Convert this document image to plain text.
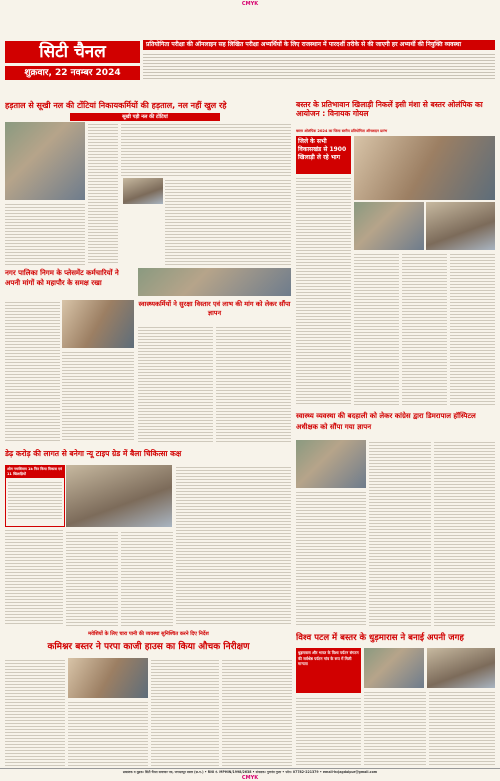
CMYK
सिटी चैनल
शुक्रवार, 22 नवम्बर 2024
प्रतियोगिता परीक्षा की ऑनलाइन सह लिखित परीक्षा अभ्यर्थियों के लिए राजस्थान में पारदर्शी तरीके से की जाएगी हर अभ्यर्थी की नियुक्ति व्यवस्था
हड़ताल से सूखी नल की टोंटियां निकायकर्मियों की हड़ताल, नल नहीं खुल रहे
सूखी पड़ी नल की टोंटियां
बस्तर के प्रतिभावान खिलाड़ी निकलें इसी मंशा से बस्तर ओलंपिक का आयोजन : विनायक गोयल
बस्तर ओलंपिक 2024 का जिला स्तरीय प्रतियोगिता ऑनलाइन प्रारंभ
जिले के सभी विकासखंड से 1900 खिलाड़ी ले रहे भाग
नगर पालिका निगम के प्लेसमेंट कर्मचारियों ने अपनी मांगों को महापौर के समक्ष रखा
स्वास्थ्यकर्मियों ने सुरक्षा विस्तार एवं लाभ की मांग को लेकर सौंपा ज्ञापन
डेढ़ करोड़ की लागत से बनेगा न्यू टाइप ग्रेड में बैला चिकित्सा कक्ष
ओम नमःशिवाय 1k फिर किया विकास एवं 11 खिलाड़ियों
स्वास्थ्य व्यवस्था की बदहाली को लेकर कांग्रेस द्वारा डिमरापाल हॉस्पिटल अधीक्षक को सौंपा गया ज्ञापन
मवेशियों के लिए चारा पानी की व्यवस्था सुनिश्चित करने दिए निर्देश
कमिश्नर बस्तर ने परपा काजी हाउस का किया औचक निरीक्षण
विश्व पटल में बस्तर के धुड़मारास ने बनाई अपनी जगह
धुड़मारास और भारत के विश्व पर्यटन संगठन की सर्वश्रेष्ठ पर्यटन गांव के रूप में मिली मान्यता
प्रकाशक व मुद्रक: सिटी चैनल समाचार पत्र, जगदलपुर बस्तर (छ.ग.) • RNI नं. MPHIN/1998/2638 • संपादक: गुणवंत गुप्ता • फोन: 07782-221379 • email-hcjagdalpur@gmail.com
CMYK
